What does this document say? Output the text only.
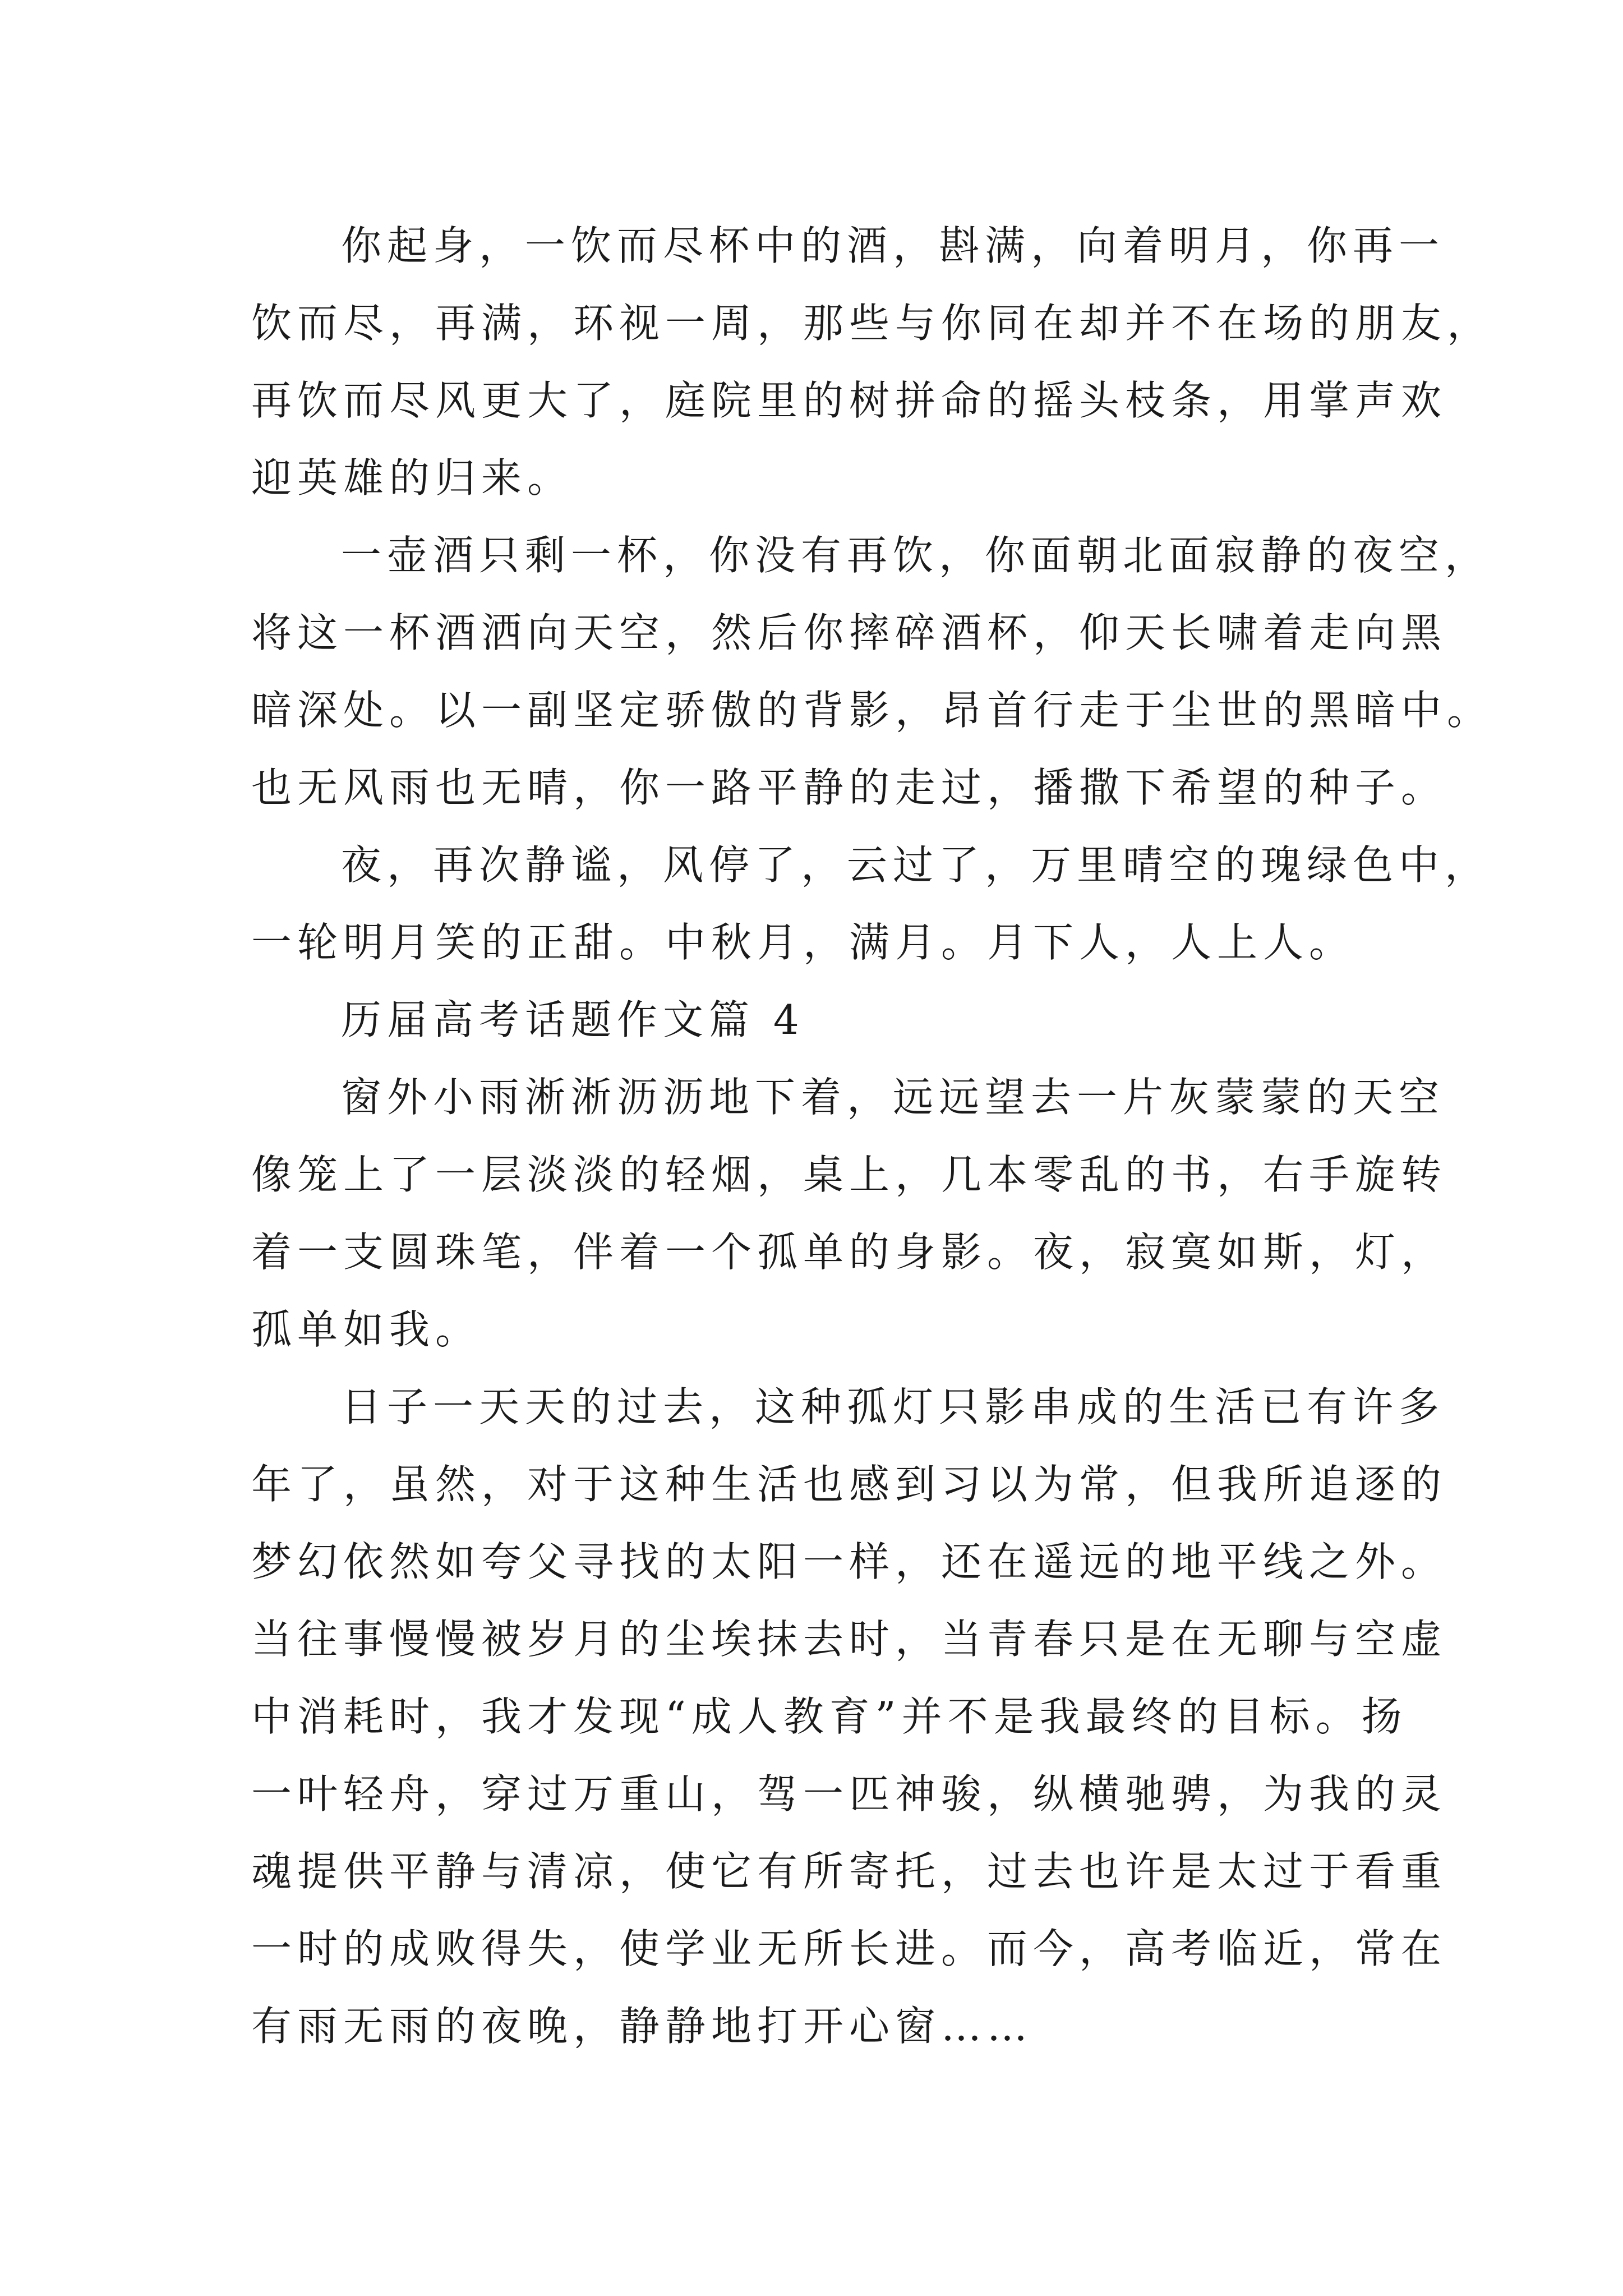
你起身，一饮而尽杯中的酒，斟满，向着明月，你再一

饮而尽，再满，环视一周，那些与你同在却并不在场的朋友，

再饮而尽风更大了，庭院里的树拼命的摇头枝条，用掌声欢

迎英雄的归来。

一壶酒只剩一杯，你没有再饮，你面朝北面寂静的夜空，

将这一杯酒洒向天空，然后你摔碎酒杯，仰天长啸着走向黑

暗深处。以一副坚定骄傲的背影，昂首行走于尘世的黑暗中。

也无风雨也无晴，你一路平静的走过，播撒下希望的种子。

夜，再次静谧，风停了，云过了，万里晴空的瑰绿色中，

一轮明月笑的正甜。中秋月，满月。月下人，人上人。

历届高考话题作文篇 4

窗外小雨淅淅沥沥地下着，远远望去一片灰蒙蒙的天空

像笼上了一层淡淡的轻烟，桌上，几本零乱的书，右手旋转

着一支圆珠笔，伴着一个孤单的身影。夜，寂寞如斯，灯，

孤单如我。

日子一天天的过去，这种孤灯只影串成的生活已有许多

年了，虽然，对于这种生活也感到习以为常，但我所追逐的

梦幻依然如夸父寻找的太阳一样，还在遥远的地平线之外。

当往事慢慢被岁月的尘埃抹去时，当青春只是在无聊与空虚

中消耗时，我才发现“成人教育”并不是我最终的目标。扬

一叶轻舟，穿过万重山，驾一匹神骏，纵横驰骋，为我的灵

魂提供平静与清凉，使它有所寄托，过去也许是太过于看重

一时的成败得失，使学业无所长进。而今，高考临近，常在

有雨无雨的夜晚，静静地打开心窗……
